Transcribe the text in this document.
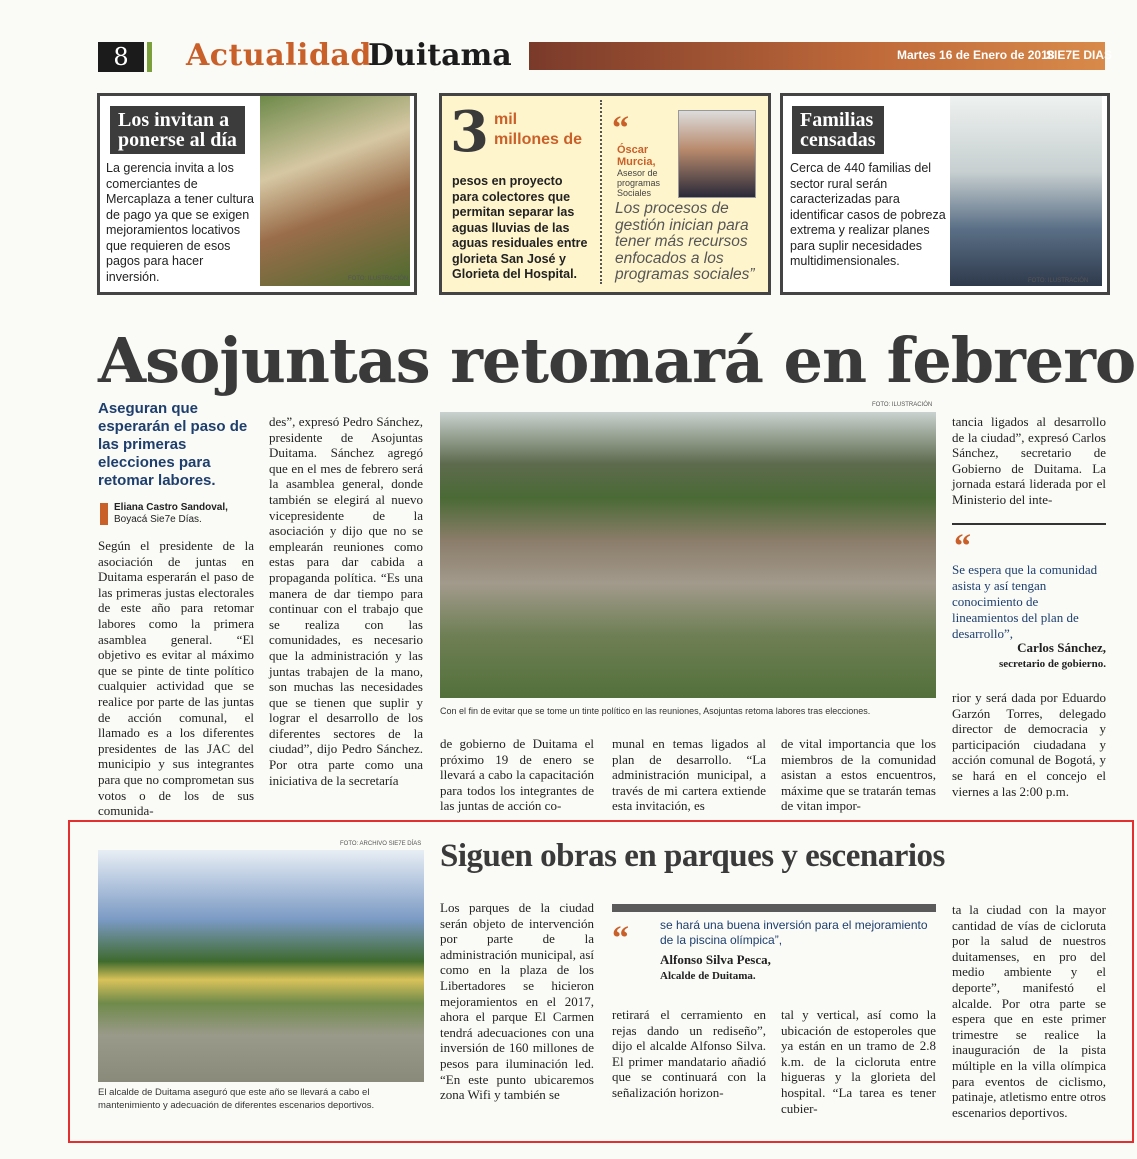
8	Actualidad
Duitama	Martes 16 de Enero de 2018
SIE7E DIAS
Los invitan a
ponerse al día
La gerencia invita a los comerciantes de Mercaplaza a tener cultura de pago ya que se exigen mejoramientos locativos que requieren de esos pagos para hacer inversión.	FOTO: ILUSTRACIÓN
3 mil
millones de
pesos en proyecto para colectores que permitan separar las aguas lluvias de las aguas residuales entre glorieta San José y Glorieta del Hospital.
“
Óscar
Murcia,
Asesor de programas Sociales
Los procesos de gestión inician para tener más recursos enfocados a los programas sociales”
Familias
censadas
Cerca de 440 familias del sector rural serán caracterizadas para identificar casos de pobreza extrema y realizar planes para suplir necesidades multidimensionales.
FOTO: ILUSTRACIÓN
Asojuntas retomará en febrero
Aseguran que esperarán el paso de las primeras elecciones para retomar labores.
Eliana Castro Sandoval,
Boyacá Sie7e Días.
Según el presidente de la asociación de juntas en Duitama esperarán el paso de las primeras justas electorales de este año para retomar labores como la primera asamblea general. “El objetivo es evitar al máximo que se pinte de tinte político cualquier actividad que se realice por parte de las juntas de acción comunal, el llamado es a los diferentes presidentes de las JAC del municipio y sus integrantes para que no comprometan sus votos o de los de sus comunida-
des”, expresó Pedro Sánchez, presidente de Asojuntas Duitama. Sánchez agregó que en el mes de febrero será la asamblea general, donde también se elegirá al nuevo vicepresidente de la asociación y dijo que no se emplearán reuniones como estas para dar cabida a propaganda política. “Es una manera de dar tiempo para continuar con el trabajo que se realiza con las comunidades, es necesario que la administración y las juntas trabajen de la mano, son muchas las necesidades que se tienen que suplir y lograr el desarrollo de los diferentes sectores de la ciudad”, dijo Pedro Sánchez. Por otra parte como una iniciativa de la secretaría
FOTO: ILUSTRACIÓN
Con el fin de evitar que se tome un tinte político en las reuniones, Asojuntas retoma labores tras elecciones.
de gobierno de Duitama el próximo 19 de enero se llevará a cabo la capacitación para todos los integrantes de las juntas de acción co-
munal en temas ligados al plan de desarrollo. “La administración municipal, a través de mi cartera extiende esta invitación, es
de vital importancia que los miembros de la comunidad asistan a estos encuentros, máxime que se tratarán temas de vitan impor-
tancia ligados al desarrollo de la ciudad”, expresó Carlos Sánchez, secretario de Gobierno de Duitama. La jornada estará liderada por el Ministerio del inte-
“
Se espera que la comunidad asista y así tengan conocimiento de lineamientos del plan de desarrollo”,
Carlos Sánchez,
secretario de gobierno.
rior y será dada por Eduardo Garzón Torres, delegado director de democracia y participación ciudadana y acción comunal de Bogotá, y se hará en el concejo el viernes a las 2:00 p.m.
FOTO: ARCHIVO SIE7E DÍAS Siguen obras en parques y escenarios
El alcalde de Duitama aseguró que este año se llevará a cabo el mantenimiento y adecuación de diferentes escenarios deportivos.
Los parques de la ciudad serán objeto de intervención por parte de la administración municipal, así como en la plaza de los Libertadores se hicieron mejoramientos en el 2017, ahora el parque El Carmen tendrá adecuaciones con una inversión de 160 millones de pesos para iluminación led. “En este punto ubicaremos zona Wifi y también se
“	se hará una buena inversión para el mejoramiento de la piscina olímpica”,
Alfonso Silva Pesca,
Alcalde de Duitama.
retirará el cerramiento en rejas dando un rediseño”, dijo el alcalde Alfonso Silva. El primer mandatario añadió que se continuará con la señalización horizon-
tal y vertical, así como la ubicación de estoperoles que ya están en un tramo de 2.8 k.m. de la cicloruta entre higueras y la glorieta del hospital. “La tarea es tener cubier-
ta la ciudad con la mayor cantidad de vías de cicloruta por la salud de nuestros duitamenses, en pro del medio ambiente y el deporte”, manifestó el alcalde. Por otra parte se espera que en este primer trimestre se realice la inauguración de la pista múltiple en la villa olímpica para eventos de ciclismo, patinaje, atletismo entre otros escenarios deportivos.
